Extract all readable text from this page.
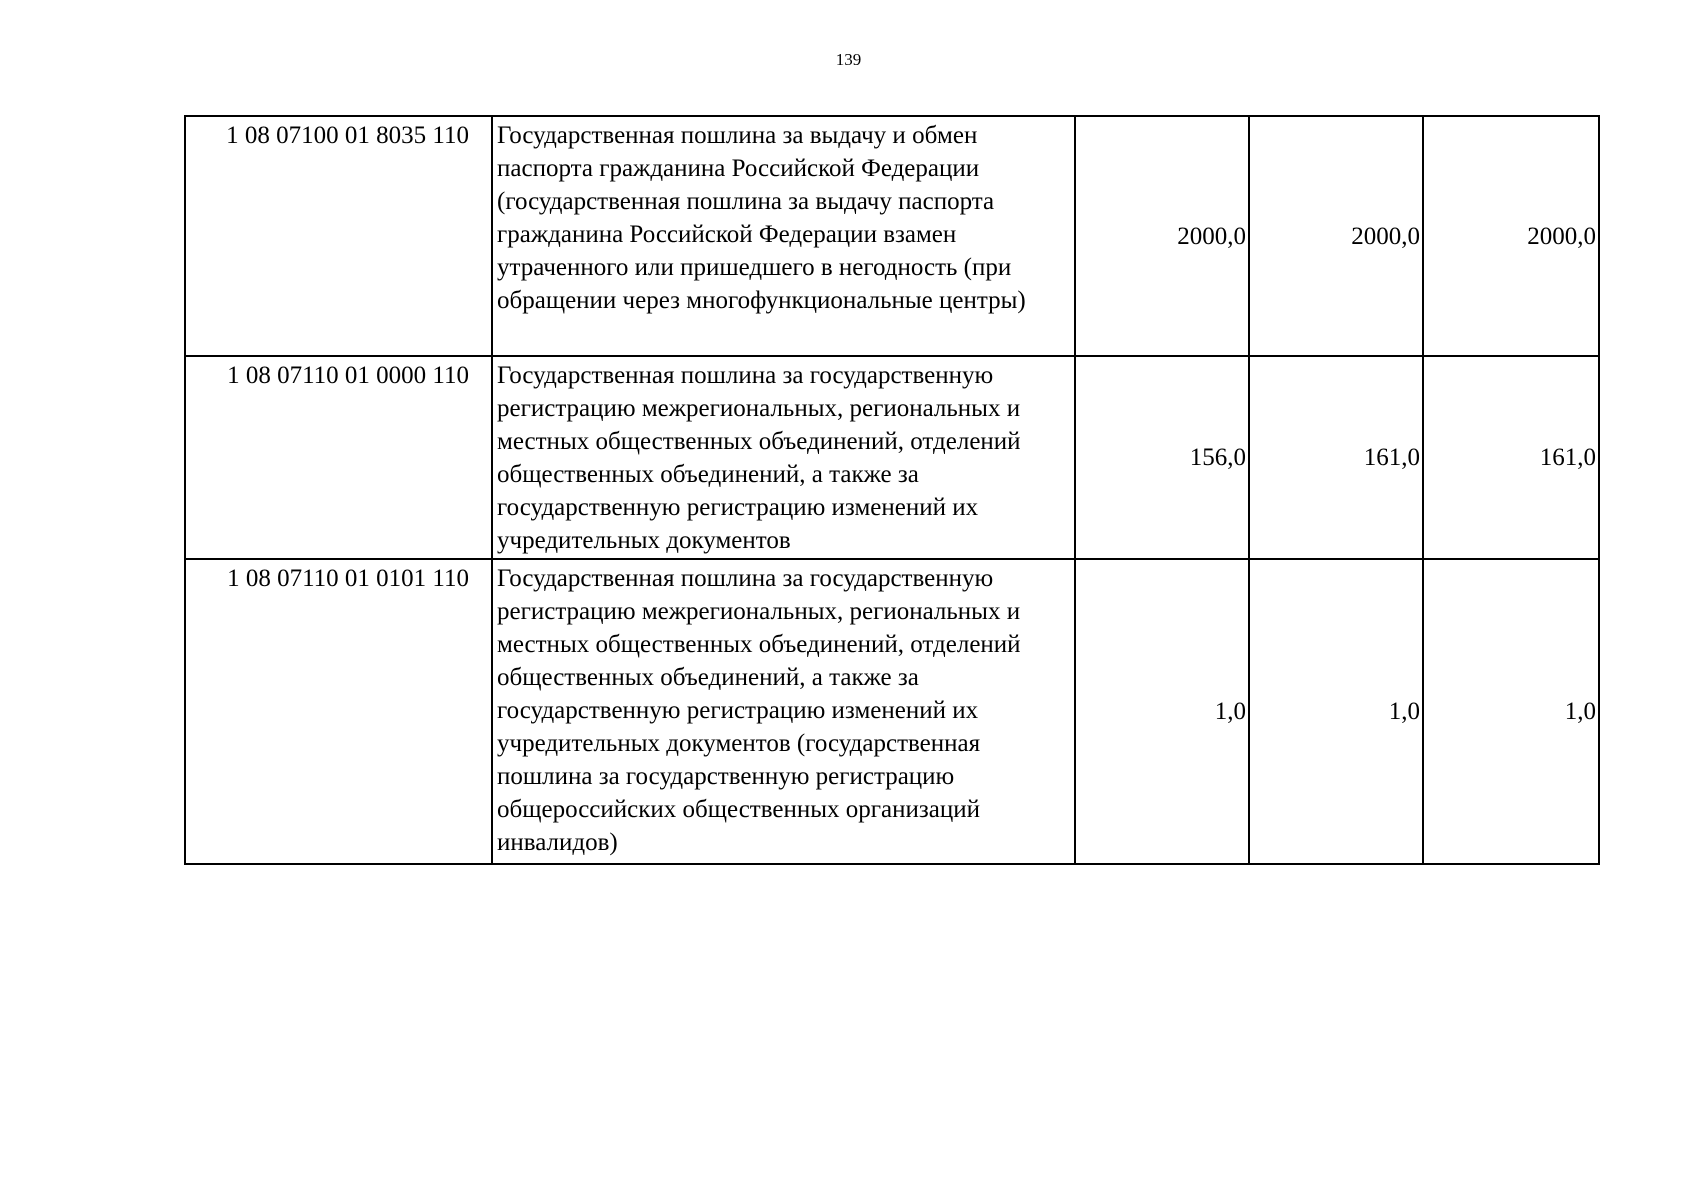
139
1 08 07100 01 8035 110	Государственная пошлина за выдачу и обмен паспорта гражданина Российской Федерации (государственная пошлина за выдачу паспорта гражданина Российской Федерации взамен утраченного или пришедшего в негодность (при обращении через многофункциональные центры)	2000,0	2000,0	2000,0
1 08 07110 01 0000 110	Государственная пошлина за государственную регистрацию межрегиональных, региональных и местных общественных объединений, отделений общественных объединений, а также за государственную регистрацию изменений их учредительных документов	156,0	161,0	161,0
1 08 07110 01 0101 110	Государственная пошлина за государственную регистрацию межрегиональных, региональных и местных общественных объединений, отделений общественных объединений, а также за государственную регистрацию изменений их учредительных документов (государственная пошлина за государственную регистрацию общероссийских общественных организаций инвалидов)	1,0	1,0	1,0
